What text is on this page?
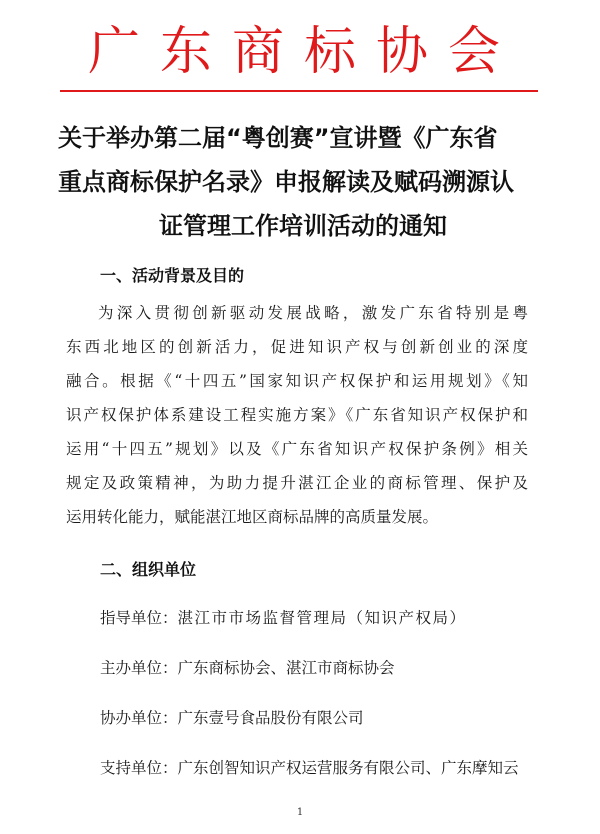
广东商标协会
关于举办第二届“粤创赛”宣讲暨《广东省
重点商标保护名录》申报解读及赋码溯源认
证管理工作培训活动的通知
一、活动背景及目的
为深入贯彻创新驱动发展战略，激发广东省特别是粤
东西北地区的创新活力，促进知识产权与创新创业的深度
融合。根据《“十四五”国家知识产权保护和运用规划》《知
识产权保护体系建设工程实施方案》《广东省知识产权保护和
运用“十四五”规划》以及《广东省知识产权保护条例》相关
规定及政策精神，为助力提升湛江企业的商标管理、保护及
运用转化能力，赋能湛江地区商标品牌的高质量发展。
二、组织单位
指导单位：湛江市市场监督管理局（知识产权局）
主办单位：广东商标协会、湛江市商标协会
协办单位：广东壹号食品股份有限公司
支持单位：广东创智知识产权运营服务有限公司、广东摩知云
1
